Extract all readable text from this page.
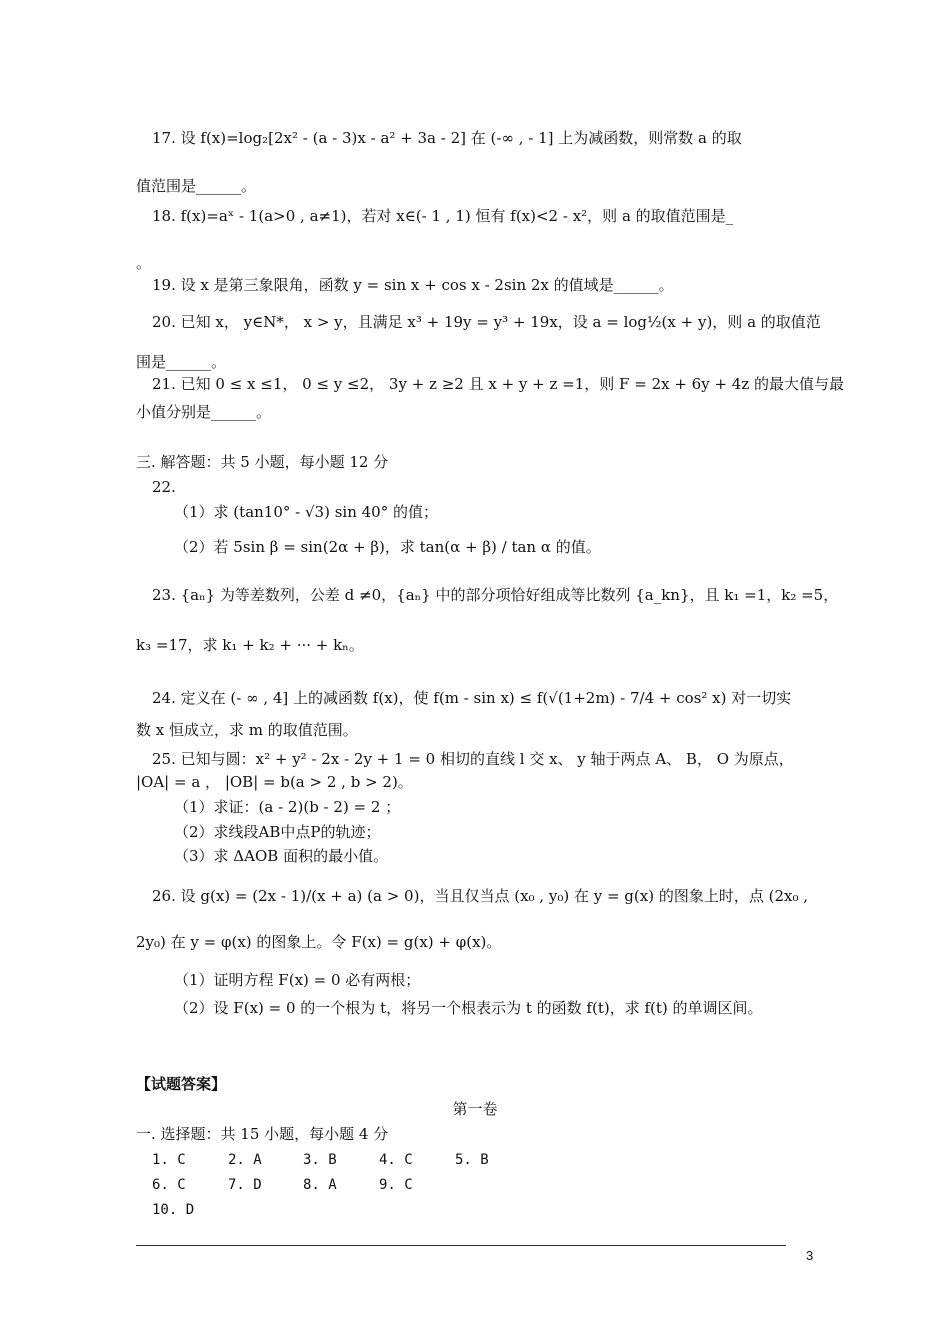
17. 设 f(x)=log₂[2x² - (a - 3)x - a² + 3a - 2] 在 (-∞ , - 1] 上为减函数，则常数 a 的取
值范围是______。
18. f(x)=aˣ - 1(a>0 , a≠1)，若对 x∈(- 1 , 1) 恒有 f(x)<2 - x²，则 a 的取值范围是_
。
19. 设 x 是第三象限角，函数 y = sin x + cos x - 2sin 2x 的值域是______。
20. 已知 x， y∈N*， x > y，且满足 x³ + 19y = y³ + 19x，设 a = log½(x + y)，则 a 的取值范
围是______。
21. 已知 0 ≤ x ≤1， 0 ≤ y ≤2， 3y + z ≥2 且 x + y + z =1，则 F = 2x + 6y + 4z 的最大值与最
小值分别是______。
三. 解答题：共 5 小题，每小题 12 分
22.
（1）求 (tan10° - √3) sin 40° 的值；
（2）若 5sin β = sin(2α + β)，求 tan(α + β) / tan α 的值。
23. {aₙ} 为等差数列，公差 d ≠0，{aₙ} 中的部分项恰好组成等比数列 {a_kn}，且 k₁ =1，k₂ =5，
k₃ =17，求 k₁ + k₂ + ··· + kₙ。
24. 定义在 (- ∞ , 4] 上的减函数 f(x)，使 f(m - sin x) ≤ f(√(1+2m) - 7/4 + cos² x) 对一切实
数 x 恒成立，求 m 的取值范围。
25. 已知与圆：x² + y² - 2x - 2y + 1 = 0 相切的直线 l 交 x、 y 轴于两点 A、 B， O 为原点，
|OA| = a ， |OB| = b(a > 2 , b > 2)。
（1）求证：(a - 2)(b - 2) = 2 ；
（2）求线段AB中点P的轨迹；
（3）求 ΔAOB 面积的最小值。
26. 设 g(x) = (2x - 1)/(x + a) (a > 0)，当且仅当点 (x₀ , y₀) 在 y = g(x) 的图象上时，点 (2x₀ ,
2y₀) 在 y = φ(x) 的图象上。令 F(x) = g(x) + φ(x)。
（1）证明方程 F(x) = 0 必有两根；
（2）设 F(x) = 0 的一个根为 t，将另一个根表示为 t 的函数 f(t)，求 f(t) 的单调区间。
【试题答案】
第一卷
一. 选择题：共 15 小题，每小题 4 分
1. C	2. A	3. B	4. C	5. B
6. C	7. D	8. A	9. C
10. D
3
